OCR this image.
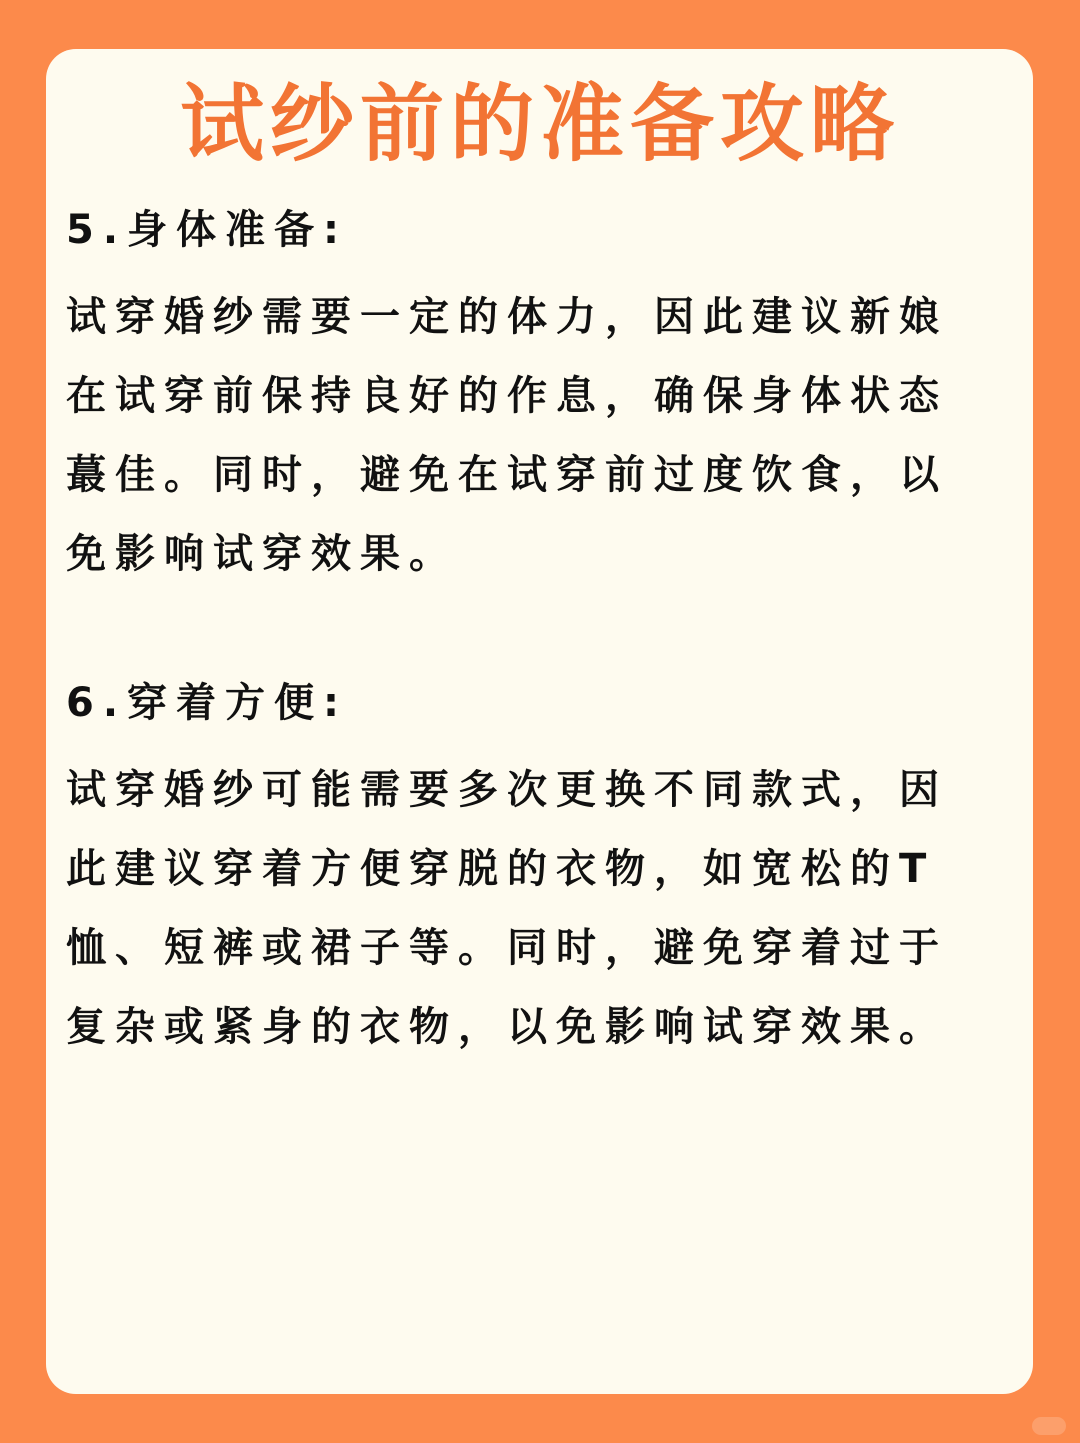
试纱前的准备攻略

5.身体准备:

试穿婚纱需要一定的体力，因此建议新娘在试穿前保持良好的作息，确保身体状态蕞佳。同时，避免在试穿前过度饮食，以免影响试穿效果。

6.穿着方便:

试穿婚纱可能需要多次更换不同款式，因此建议穿着方便穿脱的衣物，如宽松的T恤、短裤或裙子等。同时，避免穿着过于复杂或紧身的衣物，以免影响试穿效果。
